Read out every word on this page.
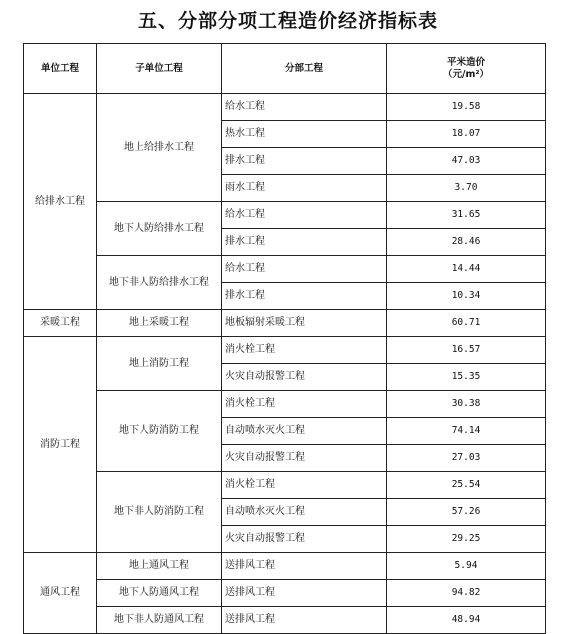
五、分部分项工程造价经济指标表
单位工程	子单位工程	分部工程	平米造价
（元/m²）

给排水工程	地上给排水工程	给水工程	19.58
		热水工程	18.07
		排水工程	47.03
		雨水工程	3.70
	地下人防给排水工程	给水工程	31.65
		排水工程	28.46
	地下非人防给排水工程	给水工程	14.44
		排水工程	10.34
采暖工程	地上采暖工程	地板辐射采暖工程	60.71
消防工程	地上消防工程	消火栓工程	16.57
		火灾自动报警工程	15.35
	地下人防消防工程	消火栓工程	30.38
		自动喷水灭火工程	74.14
		火灾自动报警工程	27.03
	地下非人防消防工程	消火栓工程	25.54
		自动喷水灭火工程	57.26
		火灾自动报警工程	29.25
通风工程	地上通风工程	送排风工程	5.94
	地下人防通风工程	送排风工程	94.82
	地下非人防通风工程	送排风工程	48.94
